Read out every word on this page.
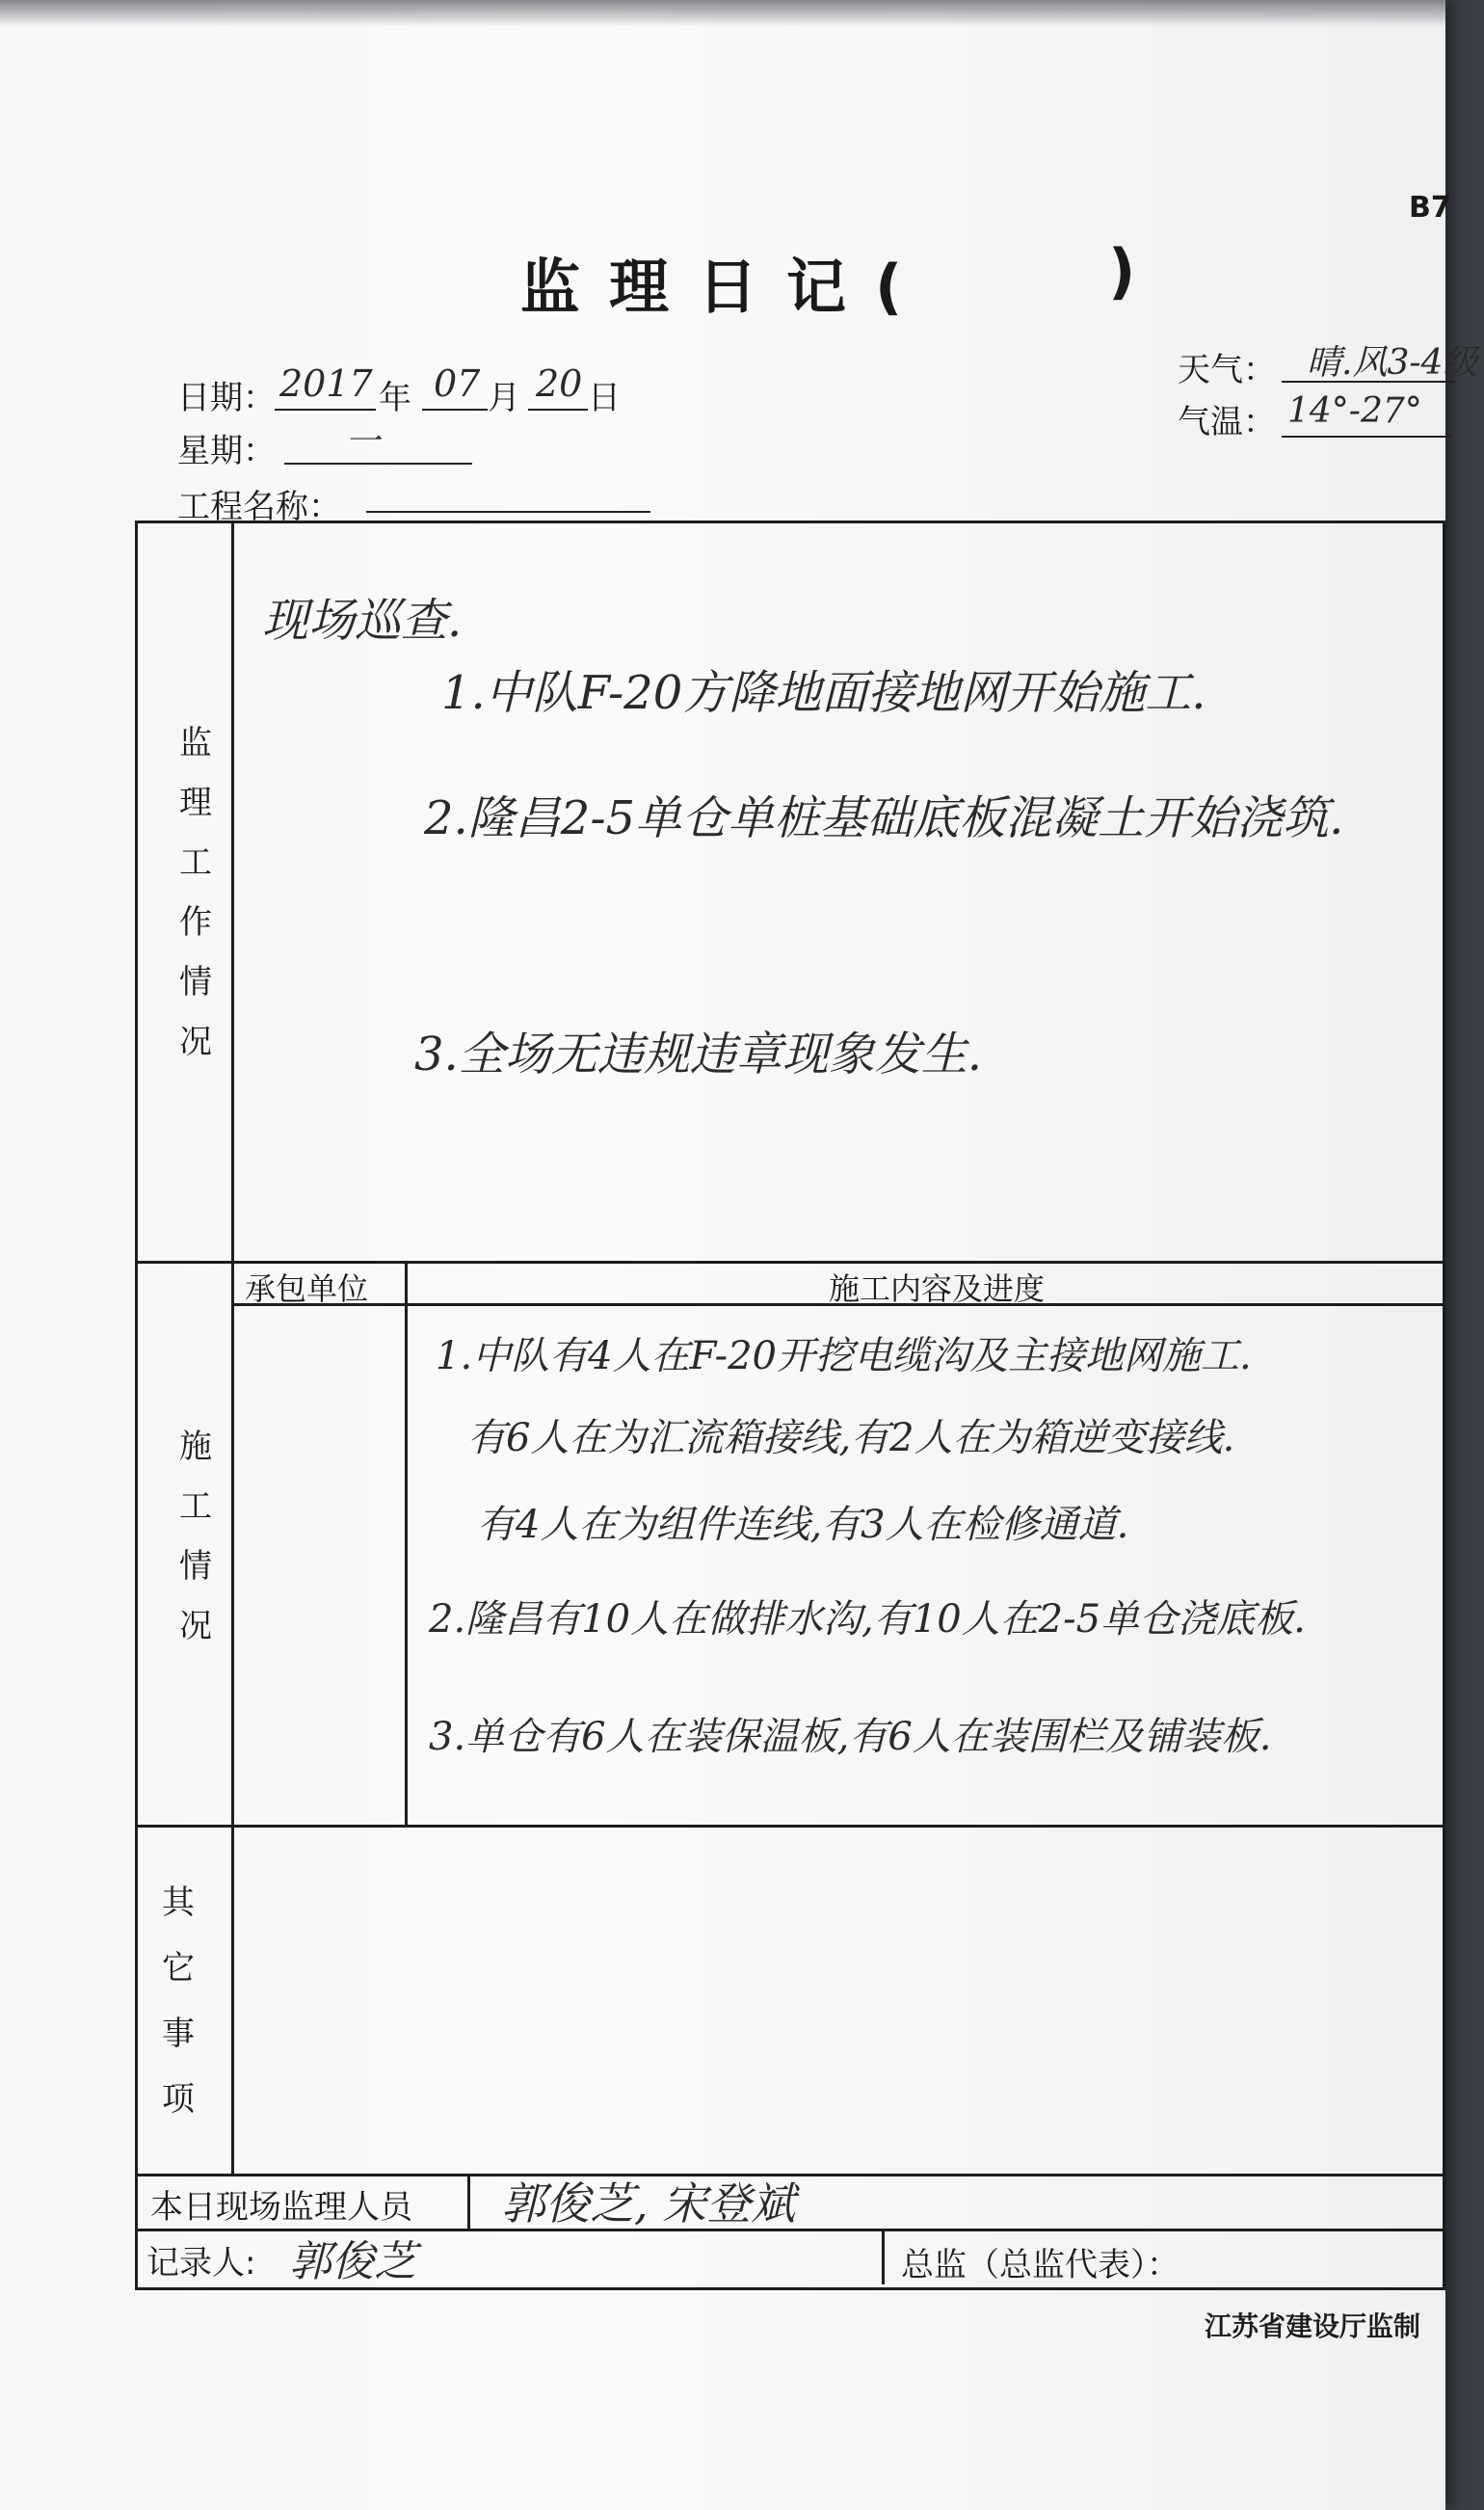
B7
监理日记(	)
天气： 晴.风3-4级
气温： 14°-27°
日期： 2017 年 07 月 20 日
星期： 一
工程名称：
监
理
工
作
情
况
现场巡查.
1.中队F-20方降地面接地网开始施工.
2.隆昌2-5单仓单桩基础底板混凝土开始浇筑.
3.全场无违规违章现象发生.
承包单位	施工内容及进度
施
工
情
况
1.中队有4人在F-20开挖电缆沟及主接地网施工.
有6人在为汇流箱接线,有2人在为箱逆变接线.
有4人在为组件连线,有3人在检修通道.
2.隆昌有10人在做排水沟,有10人在2-5单仓浇底板.
3.单仓有6人在装保温板,有6人在装围栏及铺装板.
其
它
事
项
本日现场监理人员 郭俊芝, 宋登斌
记录人: 郭俊芝	总监（总监代表）：
江苏省建设厅监制
